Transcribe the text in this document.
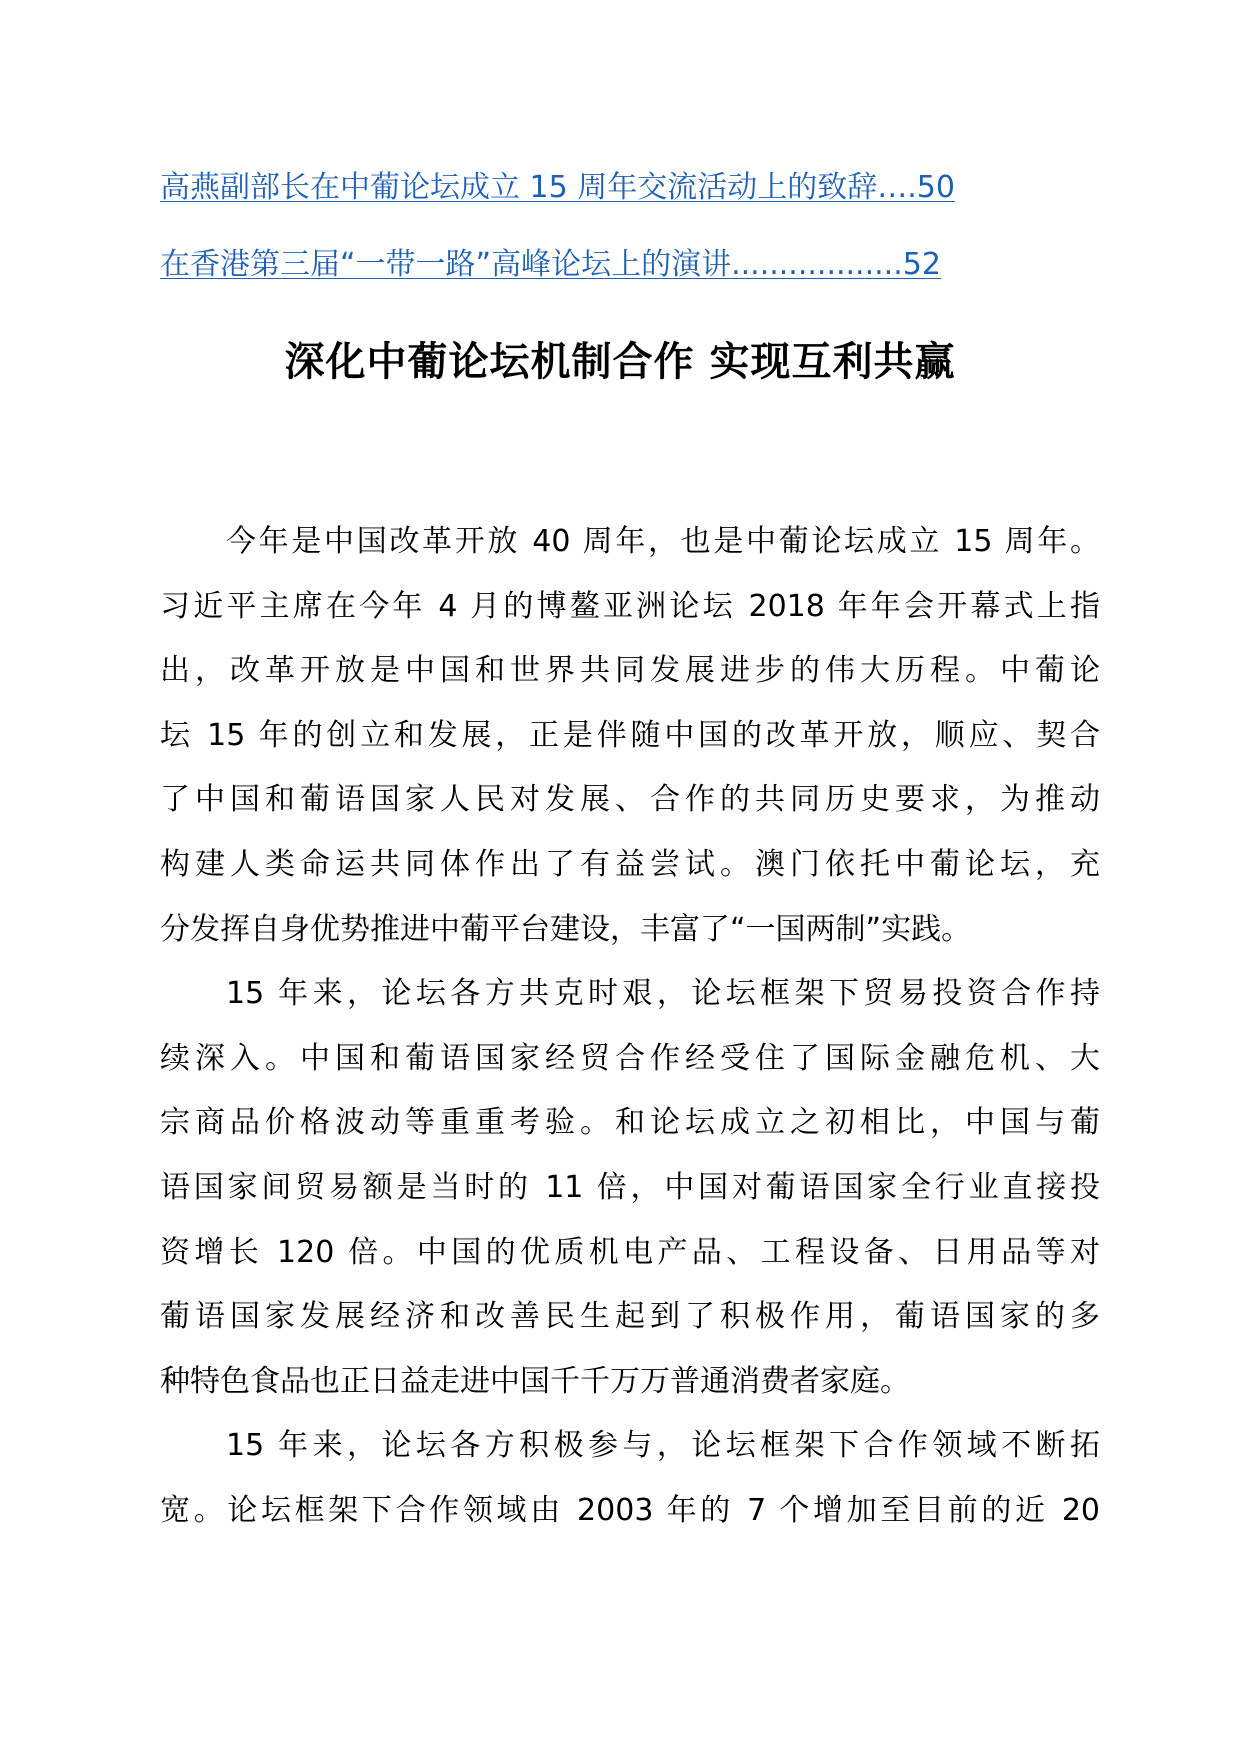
高燕副部长在中葡论坛成立 15 周年交流活动上的致辞….50
在香港第三届“一带一路”高峰论坛上的演讲..................52
深化中葡论坛机制合作 实现互利共赢
今年是中国改革开放 40 周年，也是中葡论坛成立 15 周年。
习近平主席在今年 4 月的博鳌亚洲论坛 2018 年年会开幕式上指
出，改革开放是中国和世界共同发展进步的伟大历程。中葡论
坛 15 年的创立和发展，正是伴随中国的改革开放，顺应、契合
了中国和葡语国家人民对发展、合作的共同历史要求，为推动
构建人类命运共同体作出了有益尝试。澳门依托中葡论坛，充
分发挥自身优势推进中葡平台建设，丰富了“一国两制”实践。
15 年来，论坛各方共克时艰，论坛框架下贸易投资合作持
续深入。中国和葡语国家经贸合作经受住了国际金融危机、大
宗商品价格波动等重重考验。和论坛成立之初相比，中国与葡
语国家间贸易额是当时的 11 倍，中国对葡语国家全行业直接投
资增长 120 倍。中国的优质机电产品、工程设备、日用品等对
葡语国家发展经济和改善民生起到了积极作用，葡语国家的多
种特色食品也正日益走进中国千千万万普通消费者家庭。
15 年来，论坛各方积极参与，论坛框架下合作领域不断拓
宽。论坛框架下合作领域由 2003 年的 7 个增加至目前的近 20
